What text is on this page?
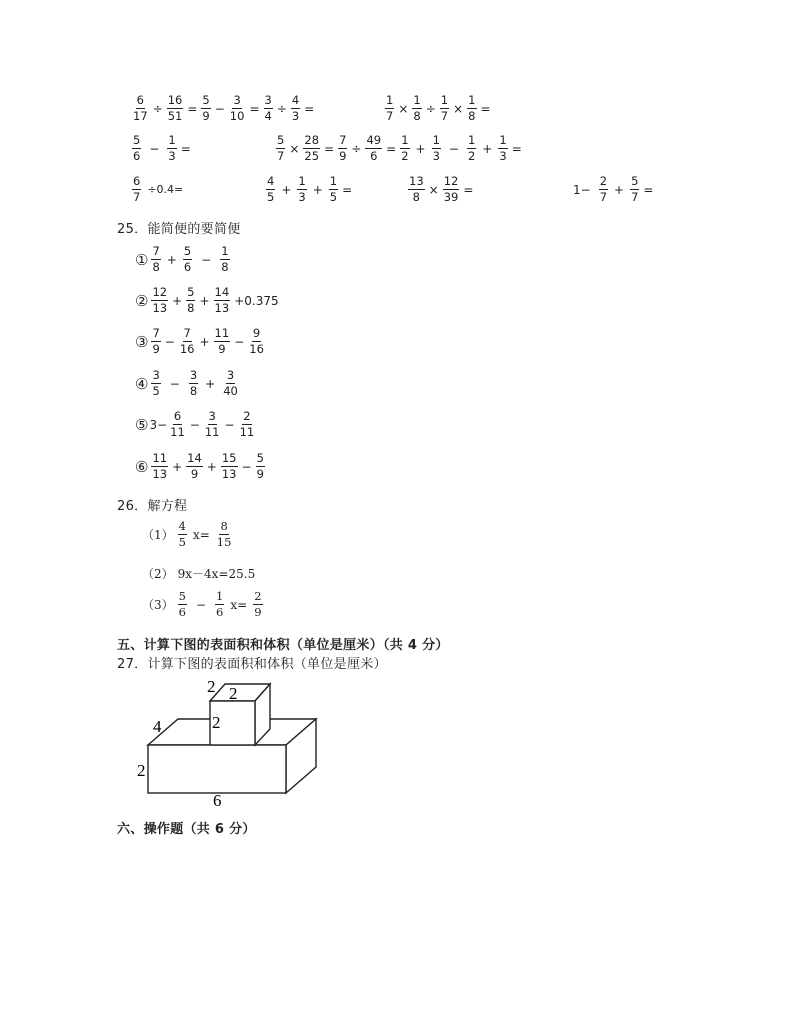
$\frac{6}{17} \div \frac{16}{51} = \frac{5}{9} - \frac{3}{10} = \frac{3}{4} \div \frac{4}{3}$ =	$\frac{1}{7} \times \frac{1}{8} \div \frac{1}{7} \times \frac{1}{8}$ =
$\frac{5}{6} - \frac{1}{3}$ =	$\frac{5}{7} \times \frac{28}{25} = \frac{7}{9} \div \frac{49}{6} = \frac{1}{2} + \frac{1}{3} - \frac{1}{2} + \frac{1}{3}$ =
$\frac{6}{7} \div 0.4=$	$\frac{4}{5} + \frac{1}{3} + \frac{1}{5}$ =	$\frac{13}{8} \times \frac{12}{39}$ =	$1- \frac{2}{7} + \frac{5}{7}$ =
25．能简便的要简便
① $\frac{7}{8} + \frac{5}{6} - \frac{1}{8}$
② $\frac{12}{13} + \frac{5}{8} + \frac{14}{13} +0.375$
③ $\frac{7}{9} - \frac{7}{16} + \frac{11}{9} - \frac{9}{16}$
④ $\frac{3}{5} - \frac{3}{8} + \frac{3}{40}$
⑤ $3- \frac{6}{11} - \frac{3}{11} - \frac{2}{11}$
⑥ $\frac{11}{13} + \frac{14}{9} + \frac{15}{13} - \frac{5}{9}$
26．解方程
$(1) \frac{4}{5} x= \frac{8}{15}$
（2） 9x－4x=25.5
$(3) \frac{5}{6} - \frac{1}{6} x= \frac{2}{9}$
五、计算下图的表面积和体积（单位是厘米）（共 4 分）
27．计算下图的表面积和体积（单位是厘米）
2 2
2
4
2
6
六、操作题（共 6 分）
